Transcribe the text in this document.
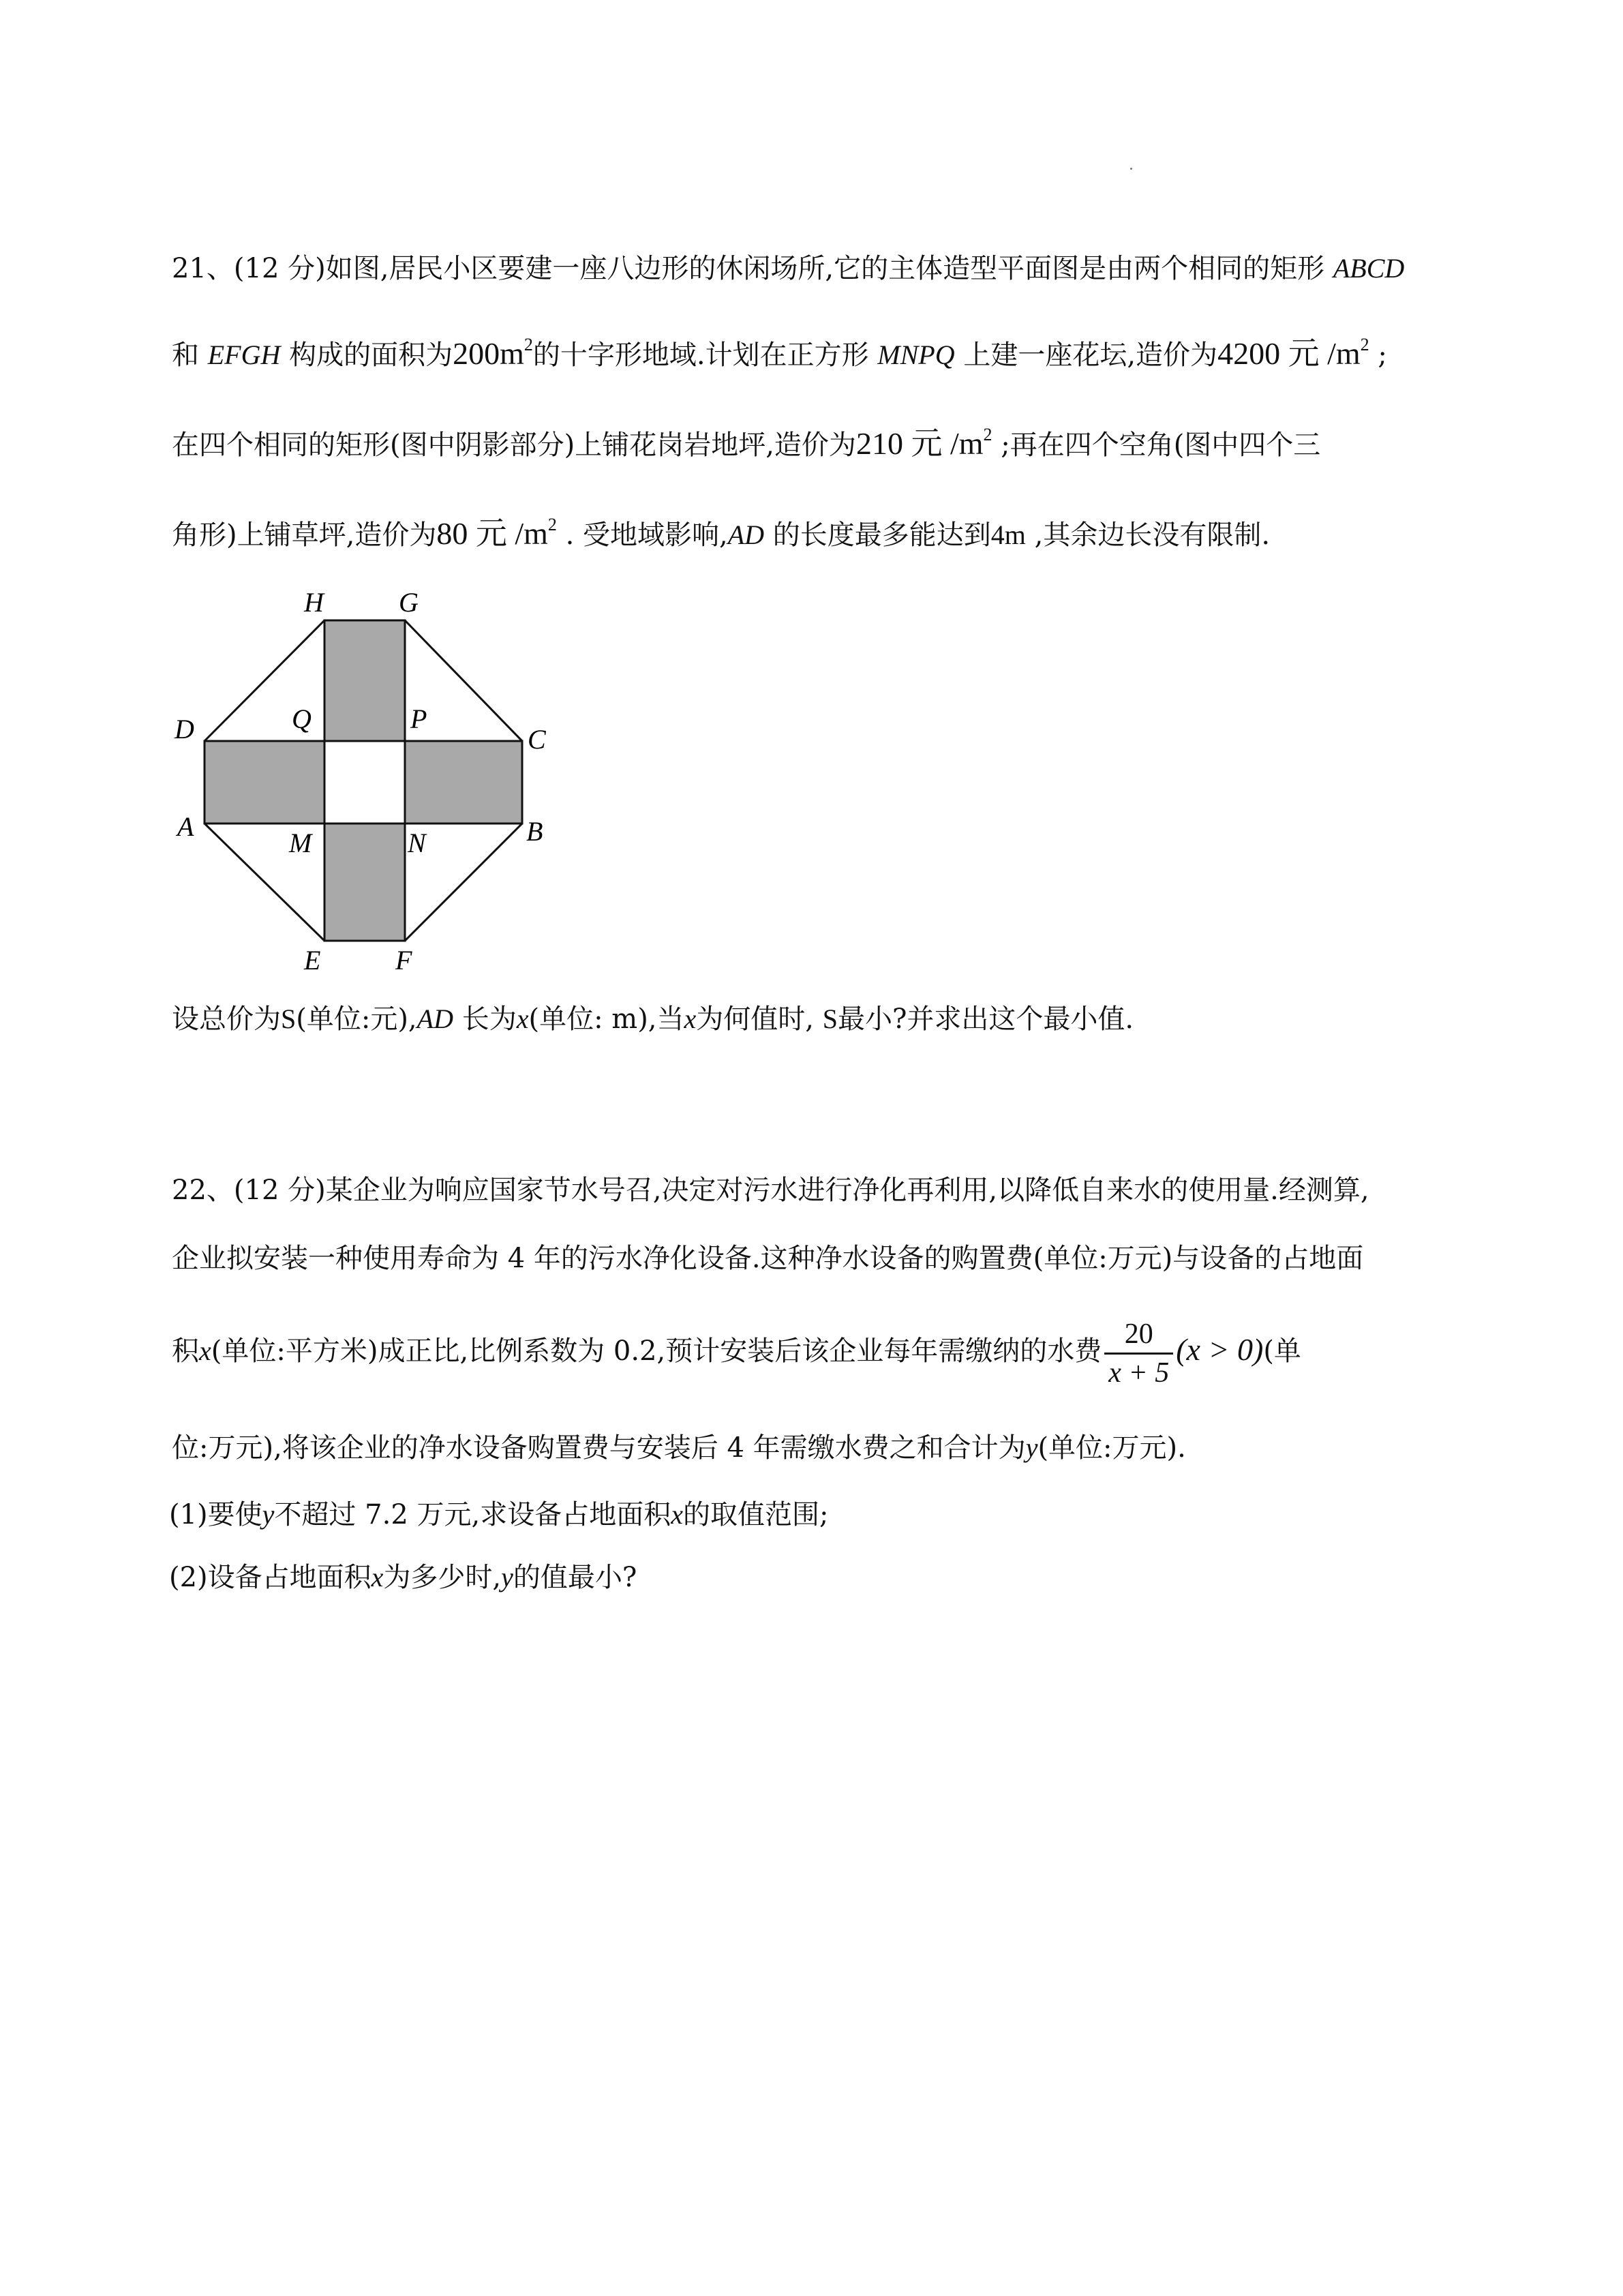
21、(12 分)如图,居民小区要建一座八边形的休闲场所,它的主体造型平面图是由两个相同的矩形 ABCD
和 EFGH 构成的面积为$200m^2$的十字形地域.计划在正方形 MNPQ 上建一座花坛,造价为4200 元 $/m^2$ ;
在四个相同的矩形(图中阴影部分)上铺花岗岩地坪,造价为210 元 $/m^2$ ;再在四个空角(图中四个三
角形)上铺草坪,造价为80 元 $/m^2$ . 受地域影响,AD 的长度最多能达到4m ,其余边长没有限制.
H	G
D	Q	P
C
A
M	N	B
E	F
设总价为S(单位:元),AD 长为x(单位: m),当x为何值时, S最小?并求出这个最小值.
22、(12 分)某企业为响应国家节水号召,决定对污水进行净化再利用,以降低自来水的使用量.经测算,
企业拟安装一种使用寿命为 4 年的污水净化设备.这种净水设备的购置费(单位:万元)与设备的占地面
积x(单位:平方米)成正比,比例系数为 0.2,预计安装后该企业每年需缴纳的水费 $\frac{20}{x + 5} (x > 0)$(单
位:万元),将该企业的净水设备购置费与安装后 4 年需缴水费之和合计为y(单位:万元).
(1)要使y不超过 7.2 万元,求设备占地面积x的取值范围;
(2)设备占地面积x为多少时,y的值最小?
